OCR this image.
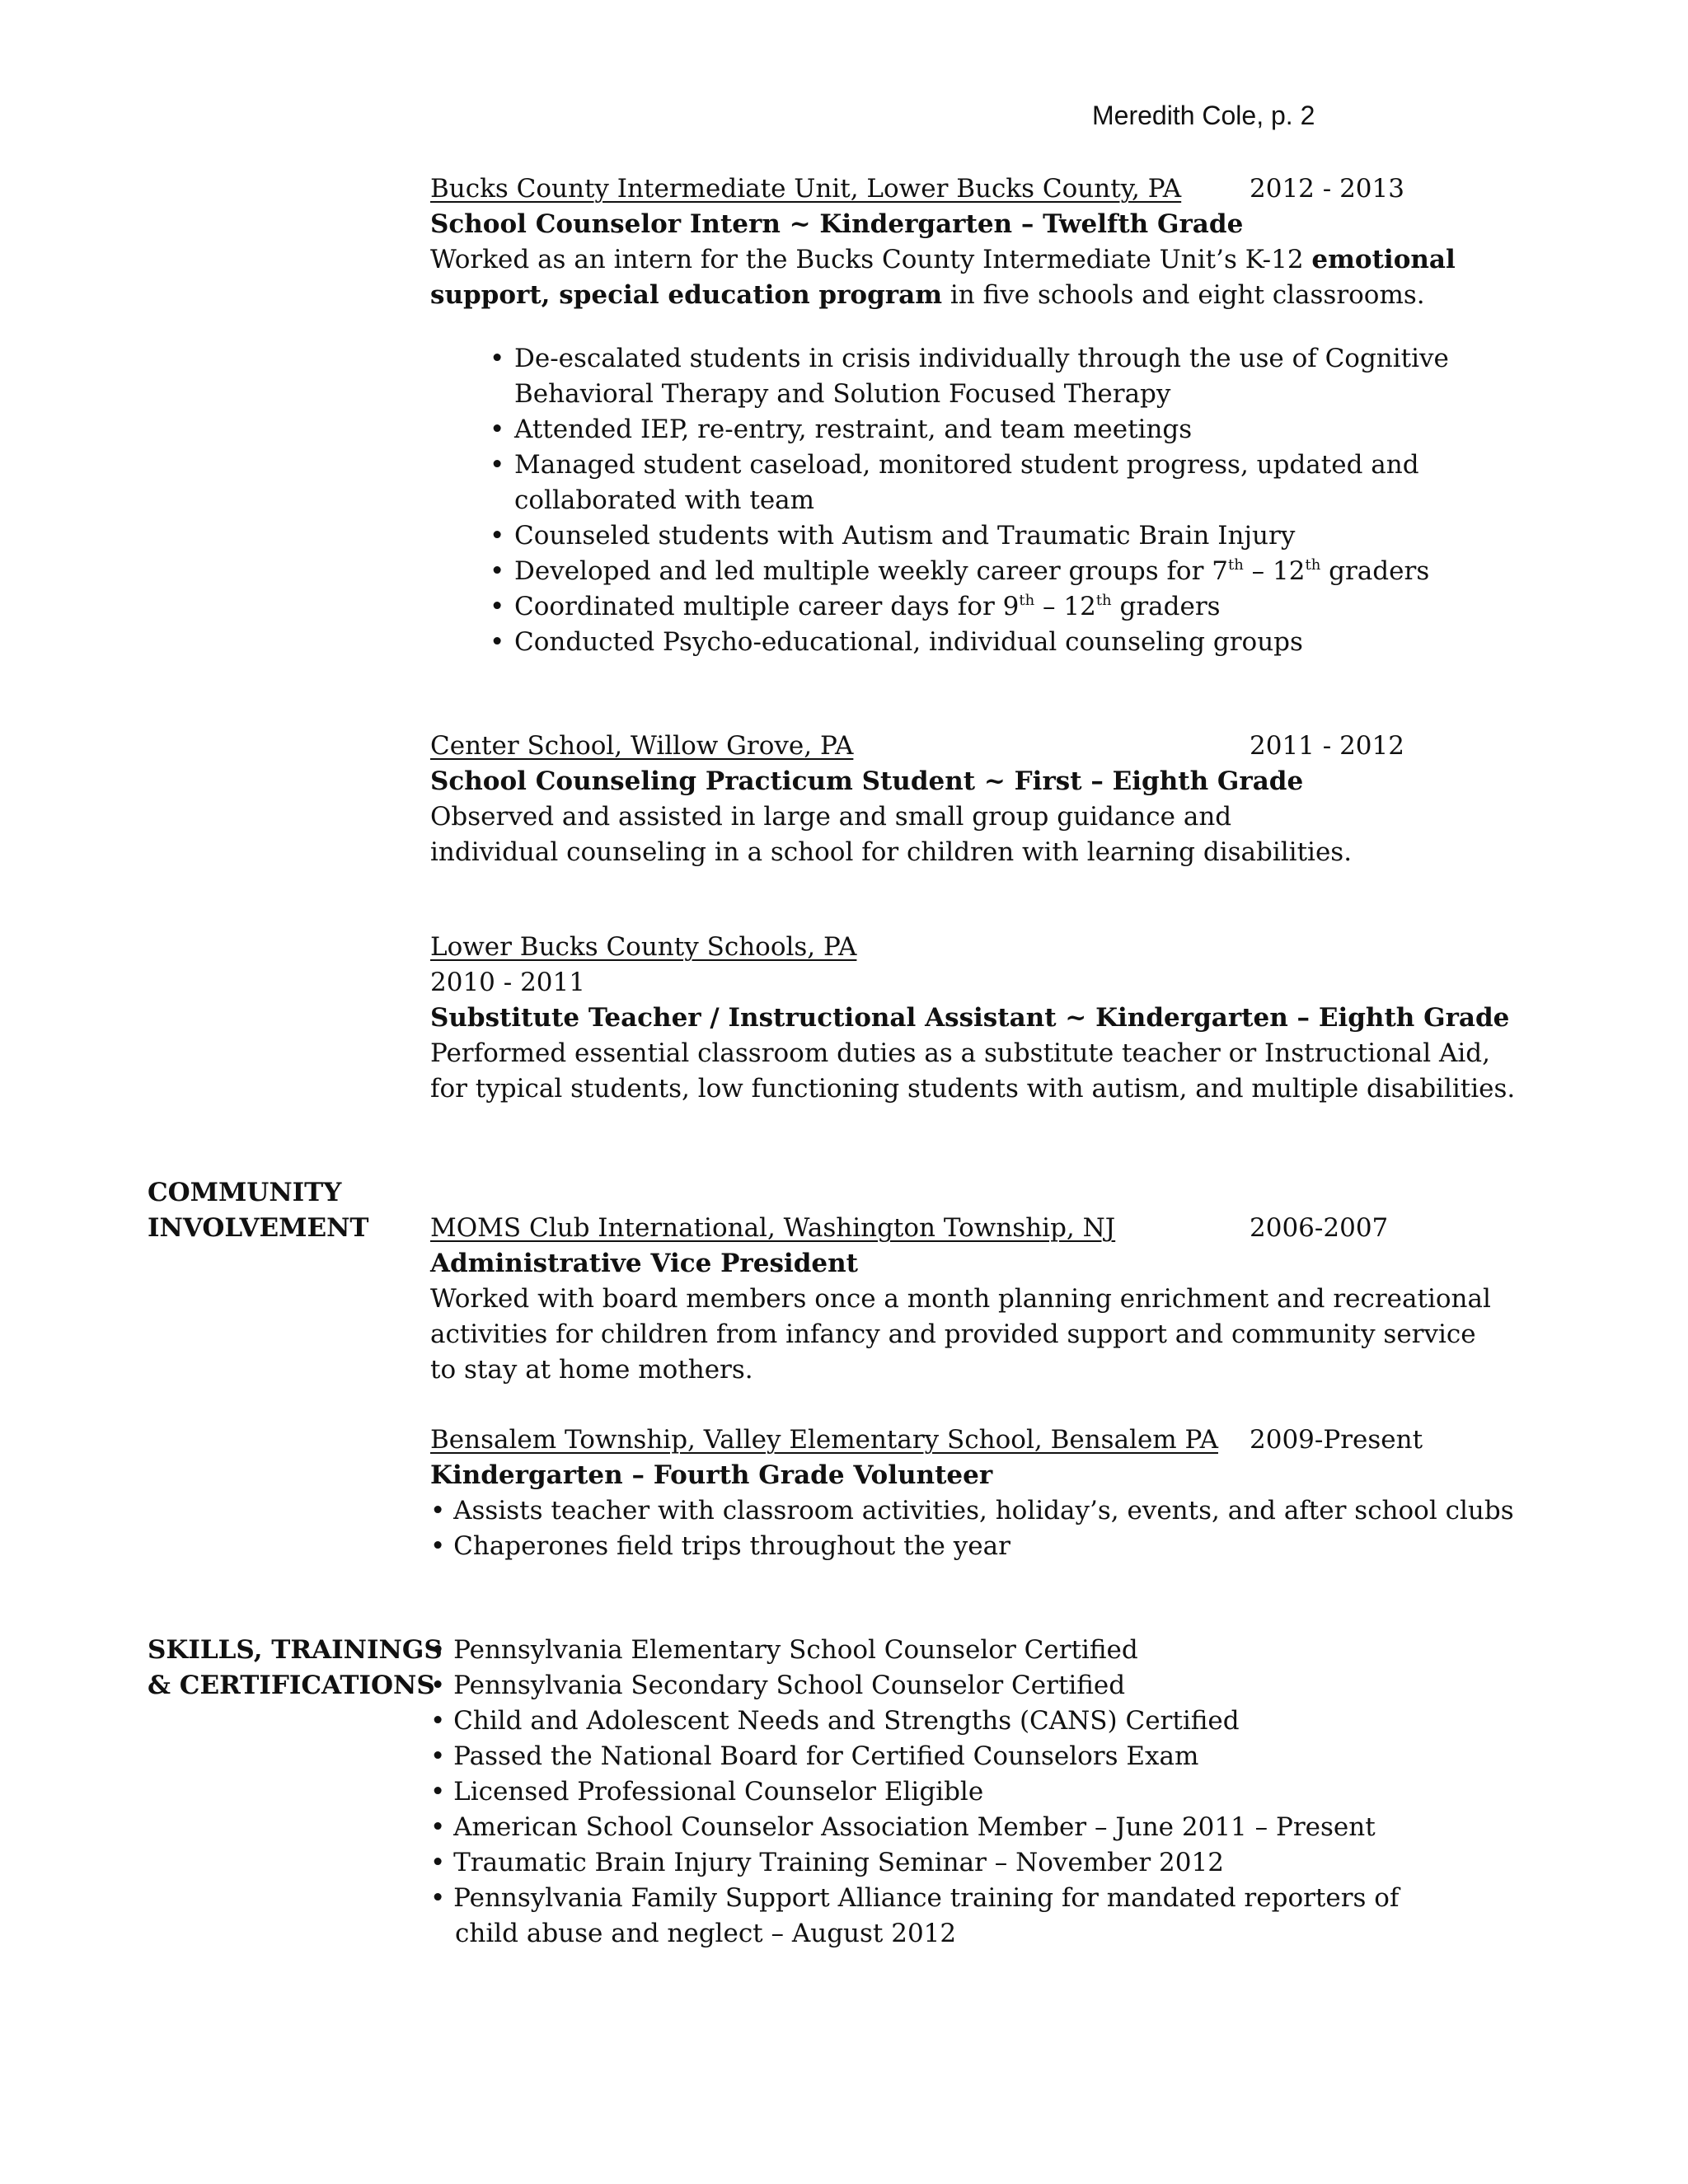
Meredith Cole, p. 2
Bucks County Intermediate Unit, Lower Bucks County, PA	2012 - 2013
School Counselor Intern ~ Kindergarten – Twelfth Grade
Worked as an intern for the Bucks County Intermediate Unit’s K-12 emotional
support, special education program in five schools and eight classrooms.
• De-escalated students in crisis individually through the use of Cognitive Behavioral Therapy and Solution Focused Therapy
• Attended IEP, re-entry, restraint, and team meetings
• Managed student caseload, monitored student progress, updated and collaborated with team
• Counseled students with Autism and Traumatic Brain Injury
• Developed and led multiple weekly career groups for 7th – 12th graders
• Coordinated multiple career days for 9th – 12th graders
• Conducted Psycho-educational, individual counseling groups
Center School, Willow Grove, PA	2011 - 2012
School Counseling Practicum Student ~ First – Eighth Grade
Observed and assisted in large and small group guidance and individual counseling in a school for children with learning disabilities.
Lower Bucks County Schools, PA
2010 - 2011
Substitute Teacher / Instructional Assistant ~ Kindergarten – Eighth Grade
Performed essential classroom duties as a substitute teacher or Instructional Aid, for typical students, low functioning students with autism, and multiple disabilities.
COMMUNITY
INVOLVEMENT MOMS Club International, Washington Township, NJ	2006-2007
Administrative Vice President
Worked with board members once a month planning enrichment and recreational activities for children from infancy and provided support and community service to stay at home mothers.
Bensalem Township, Valley Elementary School, Bensalem PA 2009-Present
Kindergarten – Fourth Grade Volunteer
• Assists teacher with classroom activities, holiday’s, events, and after school clubs
• Chaperones field trips throughout the year
SKILLS, TRAININGS
& CERTIFICATIONS
• Pennsylvania Elementary School Counselor Certified
• Pennsylvania Secondary School Counselor Certified
• Child and Adolescent Needs and Strengths (CANS) Certified
• Passed the National Board for Certified Counselors Exam
• Licensed Professional Counselor Eligible
• American School Counselor Association Member – June 2011 – Present
• Traumatic Brain Injury Training Seminar – November 2012
• Pennsylvania Family Support Alliance training for mandated reporters of
child abuse and neglect – August 2012
